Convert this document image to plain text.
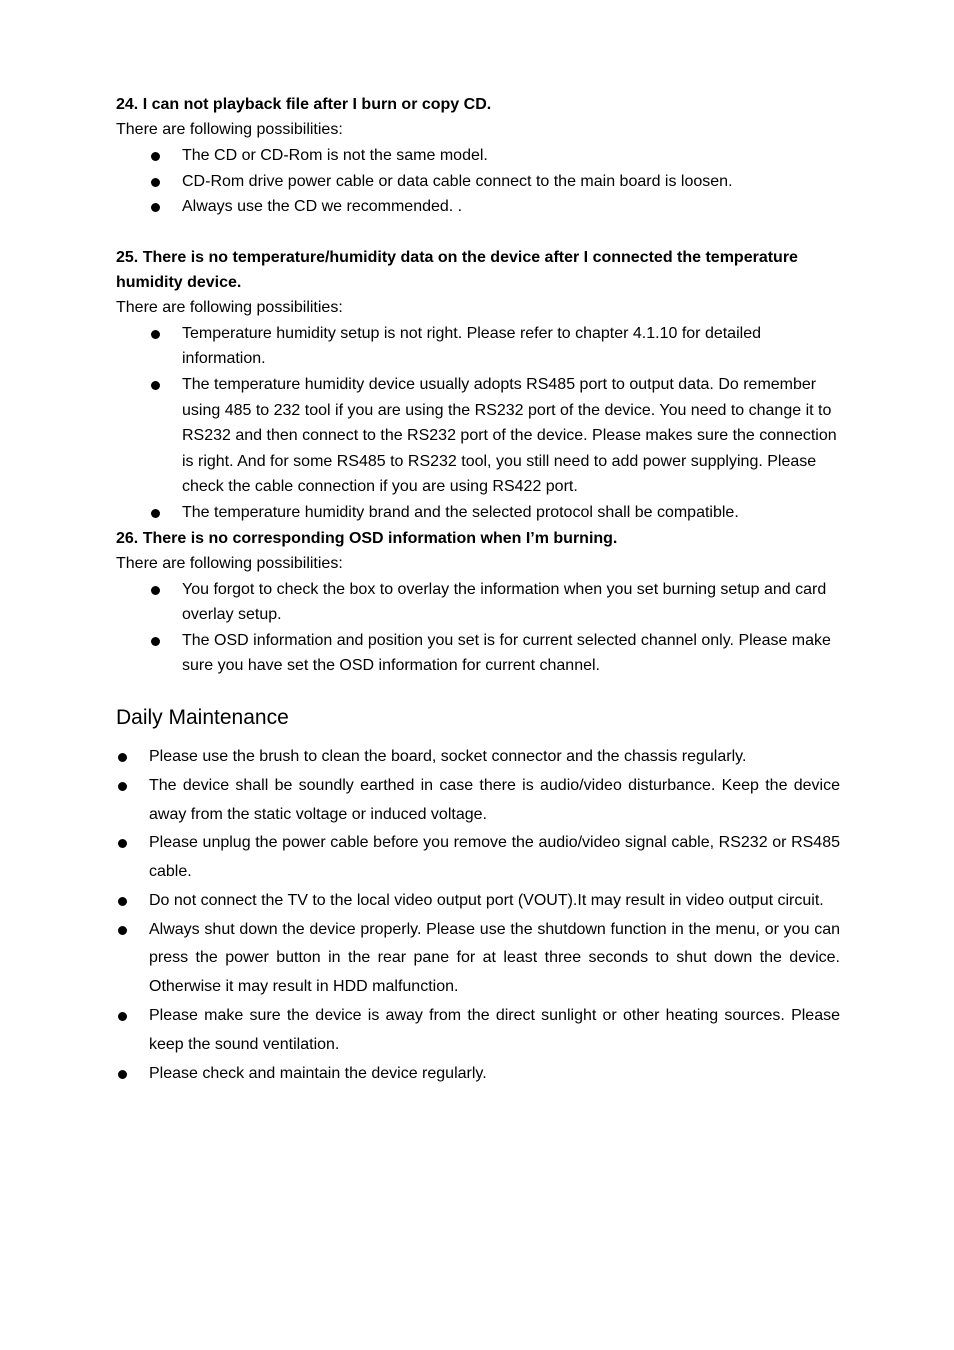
24. I can not playback file after I burn or copy CD.

There are following possibilities:

The CD or CD-Rom is not the same model.
CD-Rom drive power cable or data cable connect to the main board is loosen.
Always use the CD we recommended. .

25. There is no temperature/humidity data on the device after I connected the temperature humidity device.

There are following possibilities:

Temperature humidity setup is not right. Please refer to chapter 4.1.10 for detailed information.
The temperature humidity device usually adopts RS485 port to output data. Do remember using 485 to 232 tool if you are using the RS232 port of the device. You need to change it to RS232 and then connect to the RS232 port of the device. Please makes sure the connection is right. And for some RS485 to RS232 tool, you still need to add power supplying. Please check the cable connection if you are using RS422 port.
The temperature humidity brand and the selected protocol shall be compatible.

26. There is no corresponding OSD information when I’m burning.

There are following possibilities:

You forgot to check the box to overlay the information when you set burning setup and card overlay setup.
The OSD information and position you set is for current selected channel only. Please make sure you have set the OSD information for current channel.
Daily Maintenance
Please use the brush to clean the board, socket connector and the chassis regularly.
The device shall be soundly earthed in case there is audio/video disturbance. Keep the device away from the static voltage or induced voltage.
Please unplug the power cable before you remove the audio/video signal cable, RS232 or RS485 cable.
Do not connect the TV to the local video output port (VOUT).It may result in video output circuit.
Always shut down the device properly. Please use the shutdown function in the menu, or you can press the power button in the rear pane for at least three seconds to shut down the device. Otherwise it may result in HDD malfunction.
Please make sure the device is away from the direct sunlight or other heating sources. Please keep the sound ventilation.
Please check and maintain the device regularly.
